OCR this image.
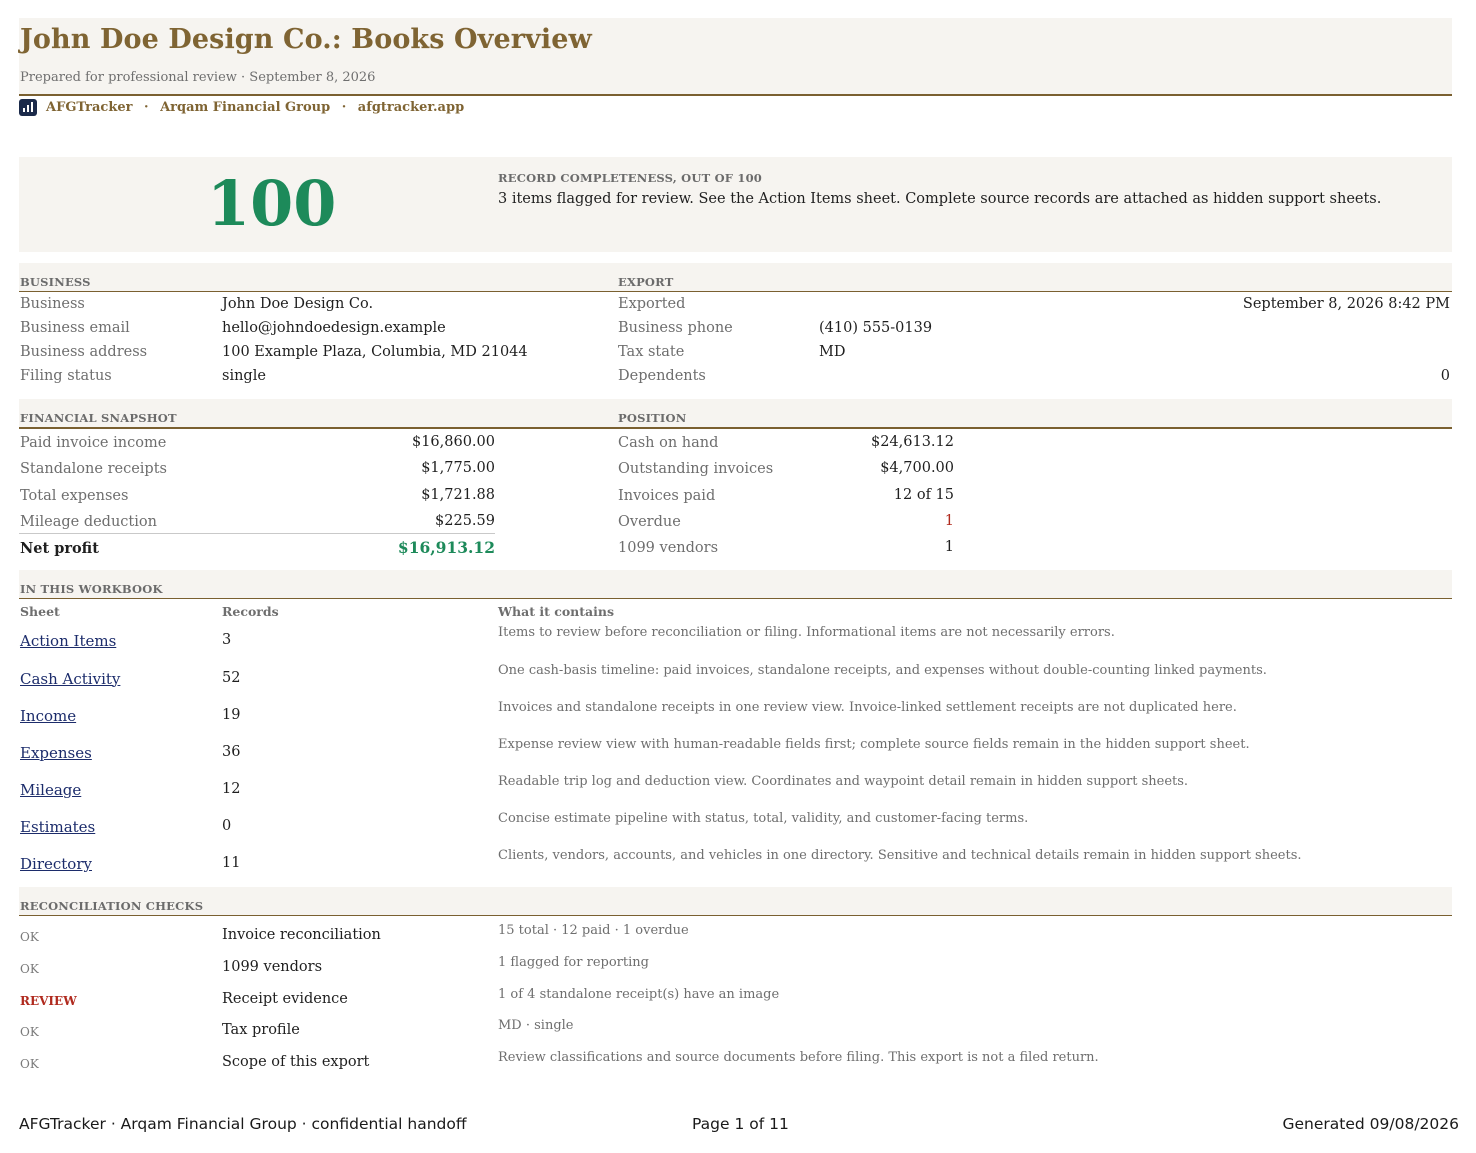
John Doe Design Co.: Books Overview
Prepared for professional review · September 8, 2026
AFGTracker · Arqam Financial Group · afgtracker.app
100	RECORD COMPLETENESS, OUT OF 100
3 items flagged for review. See the Action Items sheet. Complete source records are attached as hidden support sheets.
BUSINESS	EXPORT
Business	John Doe Design Co.	Exported	September 8, 2026 8:42 PM
Business email	hello@johndoedesign.example	Business phone	(410) 555-0139
Business address	100 Example Plaza, Columbia, MD 21044	Tax state	MD
Filing status	single	Dependents	0
FINANCIAL SNAPSHOT	POSITION
Paid invoice income	$16,860.00	Cash on hand	$24,613.12
Standalone receipts	$1,775.00	Outstanding invoices	$4,700.00
Total expenses	$1,721.88	Invoices paid	12 of 15
Mileage deduction	$225.59	Overdue	1
Net profit	$16,913.12	1099 vendors	1
IN THIS WORKBOOK
Sheet	Records	What it contains
Action Items	3	Items to review before reconciliation or filing. Informational items are not necessarily errors.
Cash Activity	52	One cash-basis timeline: paid invoices, standalone receipts, and expenses without double-counting linked payments.
Income	19	Invoices and standalone receipts in one review view. Invoice-linked settlement receipts are not duplicated here.
Expenses	36	Expense review view with human-readable fields first; complete source fields remain in the hidden support sheet.
Mileage	12	Readable trip log and deduction view. Coordinates and waypoint detail remain in hidden support sheets.
Estimates	0	Concise estimate pipeline with status, total, validity, and customer-facing terms.
Directory	11	Clients, vendors, accounts, and vehicles in one directory. Sensitive and technical details remain in hidden support sheets.
RECONCILIATION CHECKS
OK	Invoice reconciliation	15 total · 12 paid · 1 overdue
OK	1099 vendors	1 flagged for reporting
REVIEW	Receipt evidence	1 of 4 standalone receipt(s) have an image
OK	Tax profile	MD · single
OK	Scope of this export	Review classifications and source documents before filing. This export is not a filed return.
AFGTracker · Arqam Financial Group · confidential handoff	Page 1 of 11	Generated 09/08/2026
